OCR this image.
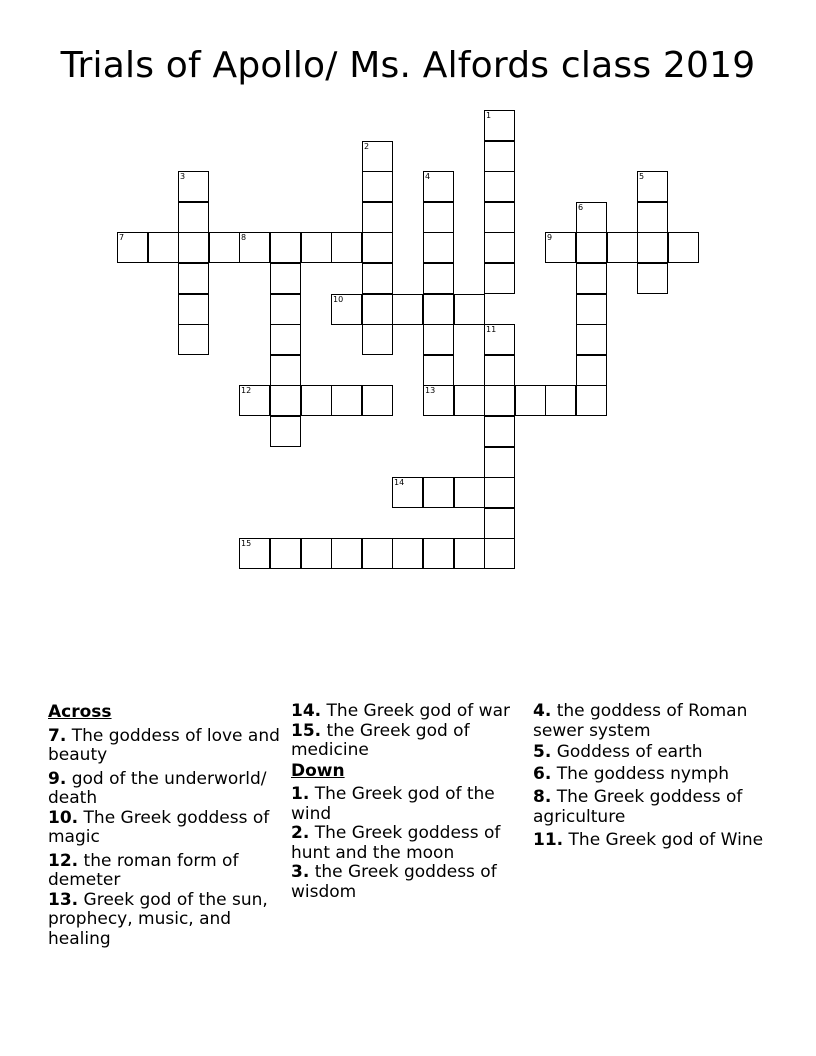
Trials of Apollo/ Ms. Alfords class 2019
1
2
3	4	5
6
7	8	9
10
11
12	13
14
15
Across
7. The goddess of love and beauty
9. god of the underworld/ death
10. The Greek goddess of magic
12. the roman form of demeter
13. Greek god of the sun, prophecy, music, and healing
14. The Greek god of war
15. the Greek god of medicine
Down
1. The Greek god of the wind
2. The Greek goddess of hunt and the moon
3. the Greek goddess of wisdom
4. the goddess of Roman sewer system
5. Goddess of earth
6. The goddess nymph
8. The Greek goddess of agriculture
11. The Greek god of Wine
